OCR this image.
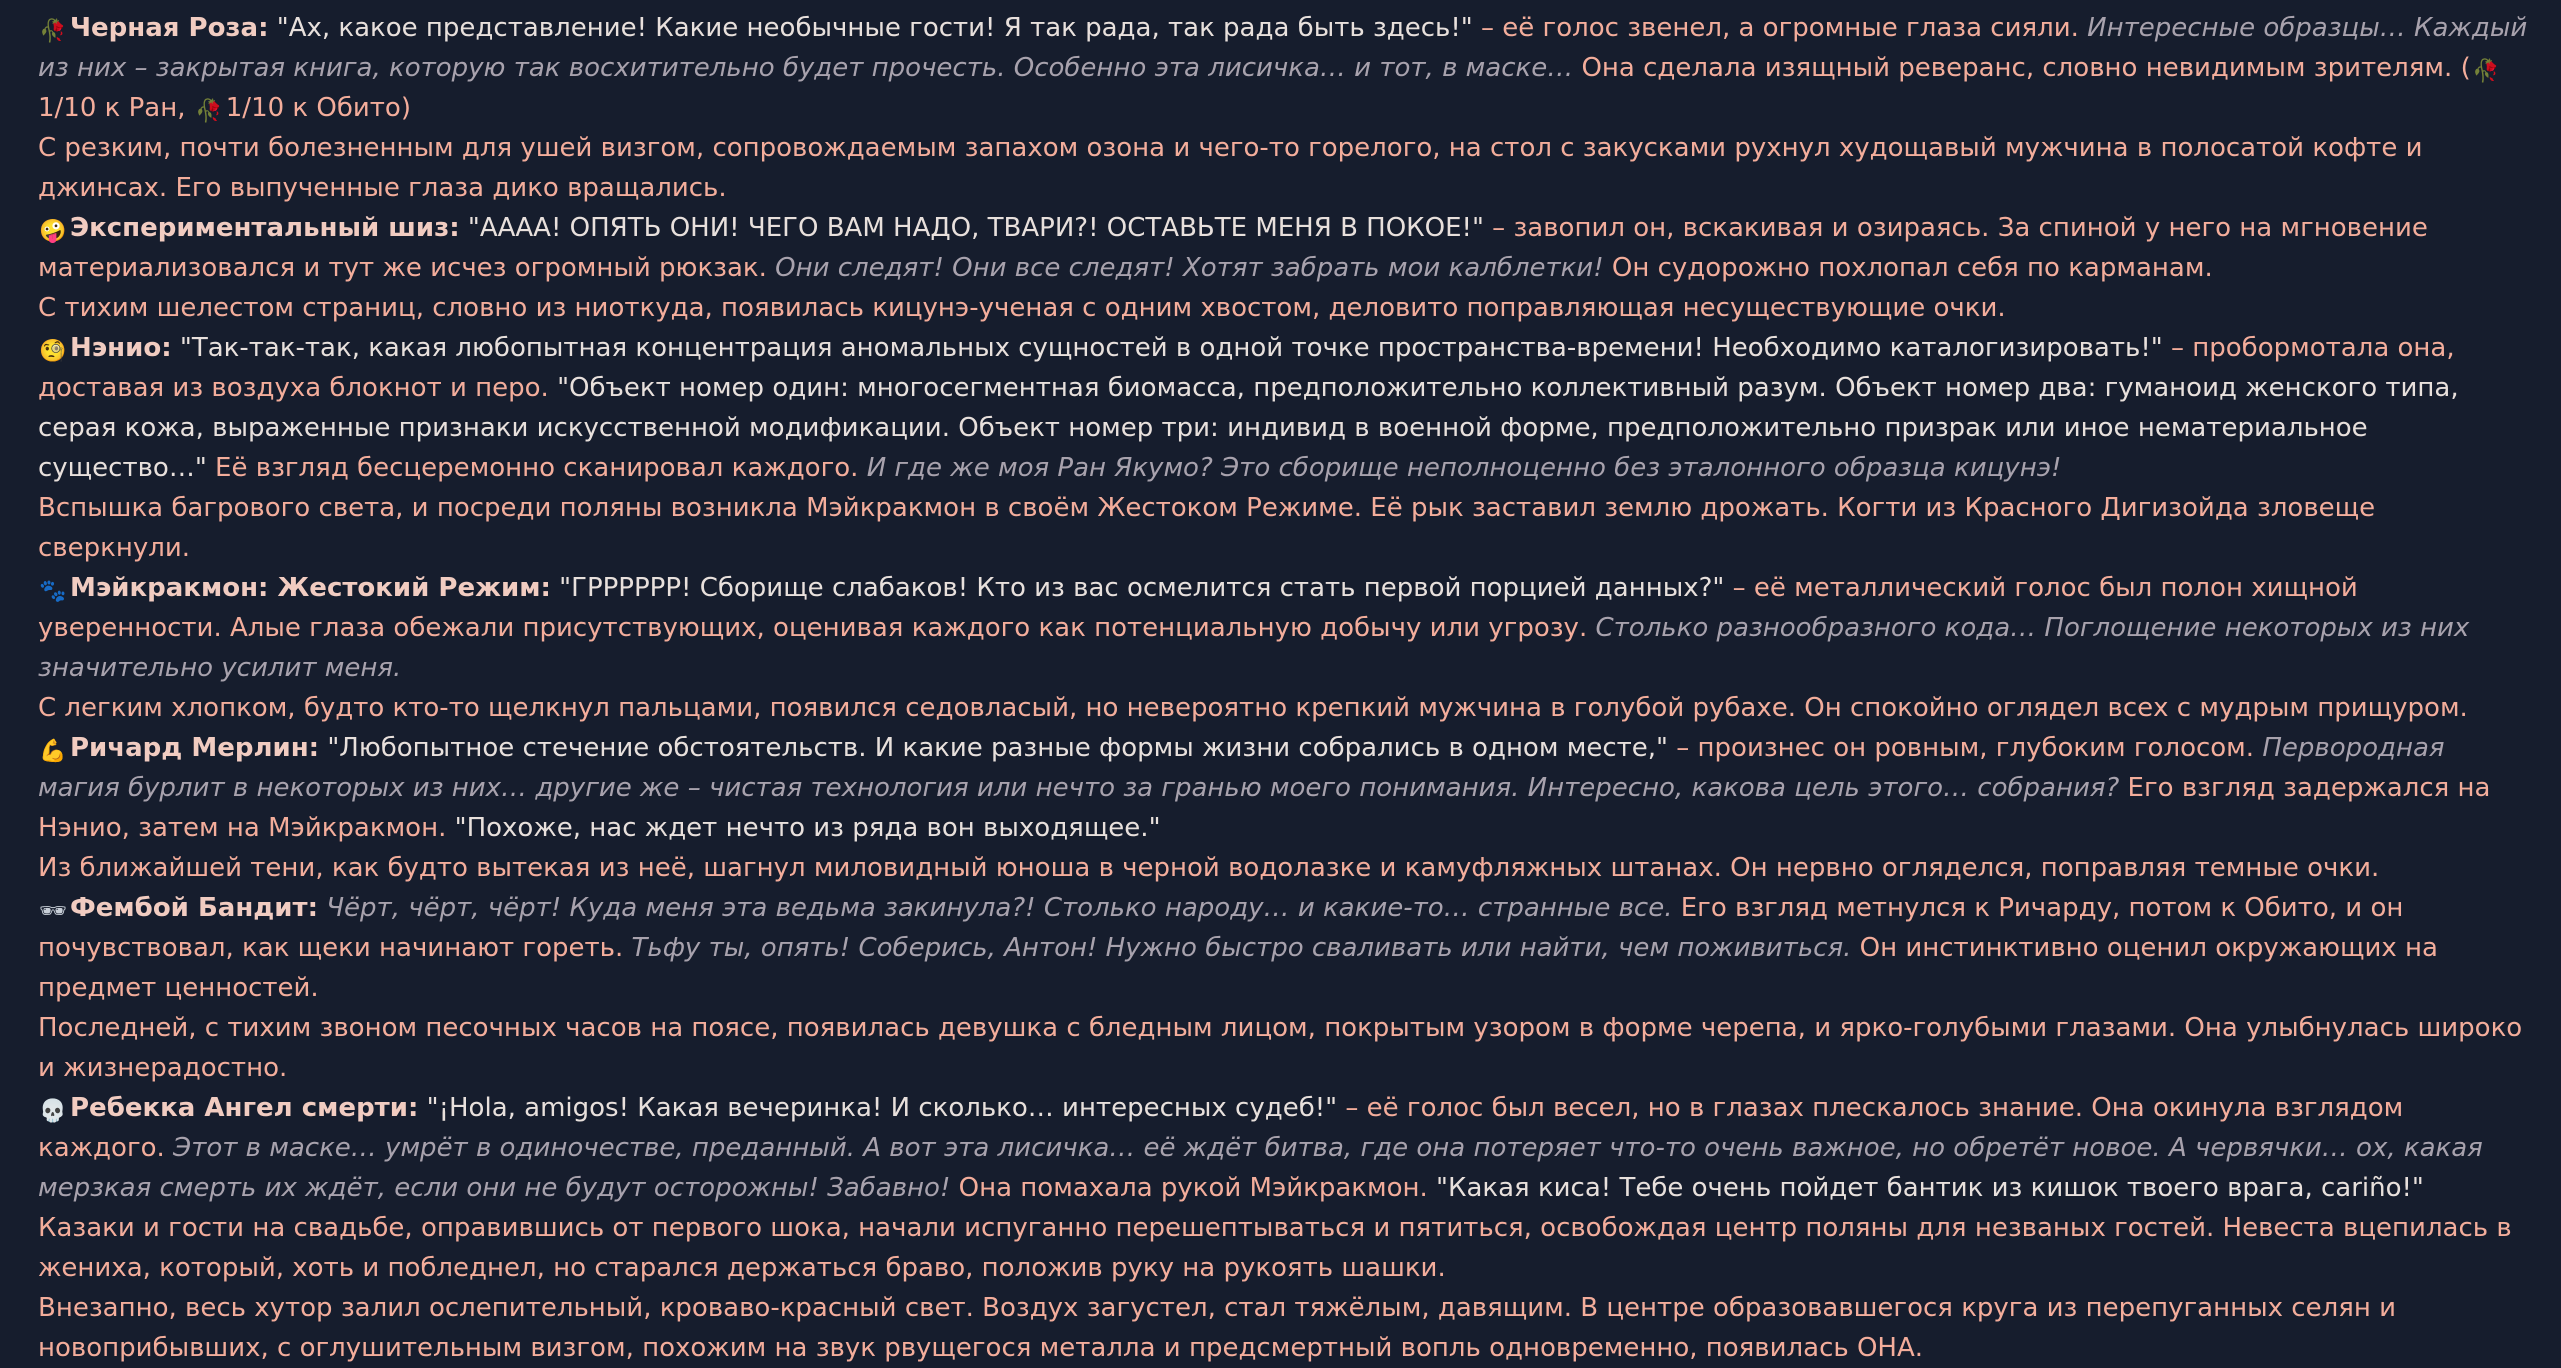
🥀 Черная Роза: "Ах, какое представление! Какие необычные гости! Я так рада, так рада быть здесь!" – её голос звенел, а огромные глаза сияли. Интересные образцы… Каждый из них – закрытая книга, которую так восхитительно будет прочесть. Особенно эта лисичка… и тот, в маске… Она сделала изящный реверанс, словно невидимым зрителям. (🥀1/10 к Ран, 🥀 1/10 к Обито)

С резким, почти болезненным для ушей визгом, сопровождаемым запахом озона и чего-то горелого, на стол с закусками рухнул худощавый мужчина в полосатой кофте и джинсах. Его выпученные глаза дико вращались.

🤪 Экспериментальный шиз: "АААА! ОПЯТЬ ОНИ! ЧЕГО ВАМ НАДО, ТВАРИ?! ОСТАВЬТЕ МЕНЯ В ПОКОЕ!" – завопил он, вскакивая и озираясь. За спиной у него на мгновение материализовался и тут же исчез огромный рюкзак. Они следят! Они все следят! Хотят забрать мои калблетки! Он судорожно похлопал себя по карманам.

С тихим шелестом страниц, словно из ниоткуда, появилась кицунэ-ученая с одним хвостом, деловито поправляющая несуществующие очки.

🧐 Нэнио: "Так-так-так, какая любопытная концентрация аномальных сущностей в одной точке пространства-времени! Необходимо каталогизировать!" – пробормотала она, доставая из воздуха блокнот и перо. "Объект номер один: многосегментная биомасса, предположительно коллективный разум. Объект номер два: гуманоид женского типа, серая кожа, выраженные признаки искусственной модификации. Объект номер три: индивид в военной форме, предположительно призрак или иное нематериальное существо…" Её взгляд бесцеремонно сканировал каждого. И где же моя Ран Якумо? Это сборище неполноценно без эталонного образца кицунэ!

Вспышка багрового света, и посреди поляны возникла Мэйкракмон в своём Жестоком Режиме. Её рык заставил землю дрожать. Когти из Красного Дигизойда зловеще сверкнули.

🐾 Мэйкракмон: Жестокий Режим: "ГРРРРРР! Сборище слабаков! Кто из вас осмелится стать первой порцией данных?" – её металлический голос был полон хищной уверенности. Алые глаза обежали присутствующих, оценивая каждого как потенциальную добычу или угрозу. Столько разнообразного кода… Поглощение некоторых из них значительно усилит меня.

С легким хлопком, будто кто-то щелкнул пальцами, появился седовласый, но невероятно крепкий мужчина в голубой рубахе. Он спокойно оглядел всех с мудрым прищуром.

💪 Ричард Мерлин: "Любопытное стечение обстоятельств. И какие разные формы жизни собрались в одном месте," – произнес он ровным, глубоким голосом. Первородная магия бурлит в некоторых из них… другие же – чистая технология или нечто за гранью моего понимания. Интересно, какова цель этого… собрания? Его взгляд задержался на Нэнио, затем на Мэйкракмон. "Похоже, нас ждет нечто из ряда вон выходящее."

Из ближайшей тени, как будто вытекая из неё, шагнул миловидный юноша в черной водолазке и камуфляжных штанах. Он нервно огляделся, поправляя темные очки.

🕶 Фембой Бандит: Чёрт, чёрт, чёрт! Куда меня эта ведьма закинула?! Столько народу… и какие-то… странные все. Его взгляд метнулся к Ричарду, потом к Обито, и он почувствовал, как щеки начинают гореть. Тьфу ты, опять! Соберись, Антон! Нужно быстро сваливать или найти, чем поживиться. Он инстинктивно оценил окружающих на предмет ценностей.

Последней, с тихим звоном песочных часов на поясе, появилась девушка с бледным лицом, покрытым узором в форме черепа, и ярко-голубыми глазами. Она улыбнулась широко и жизнерадостно.

💀 Ребекка Ангел смерти: "¡Hola, amigos! Какая вечеринка! И сколько… интересных судеб!" – её голос был весел, но в глазах плескалось знание. Она окинула взглядом каждого. Этот в маске… умрёт в одиночестве, преданный. А вот эта лисичка… её ждёт битва, где она потеряет что-то очень важное, но обретёт новое. А червячки… ох, какая мерзкая смерть их ждёт, если они не будут осторожны! Забавно! Она помахала рукой Мэйкракмон. "Какая киса! Тебе очень пойдет бантик из кишок твоего врага, cariño!"

Казаки и гости на свадьбе, оправившись от первого шока, начали испуганно перешептываться и пятиться, освобождая центр поляны для незваных гостей. Невеста вцепилась в жениха, который, хоть и побледнел, но старался держаться браво, положив руку на рукоять шашки.

Внезапно, весь хутор залил ослепительный, кроваво-красный свет. Воздух загустел, стал тяжёлым, давящим. В центре образовавшегося круга из перепуганных селян и новоприбывших, с оглушительным визгом, похожим на звук рвущегося металла и предсмертный вопль одновременно, появилась ОНА.
